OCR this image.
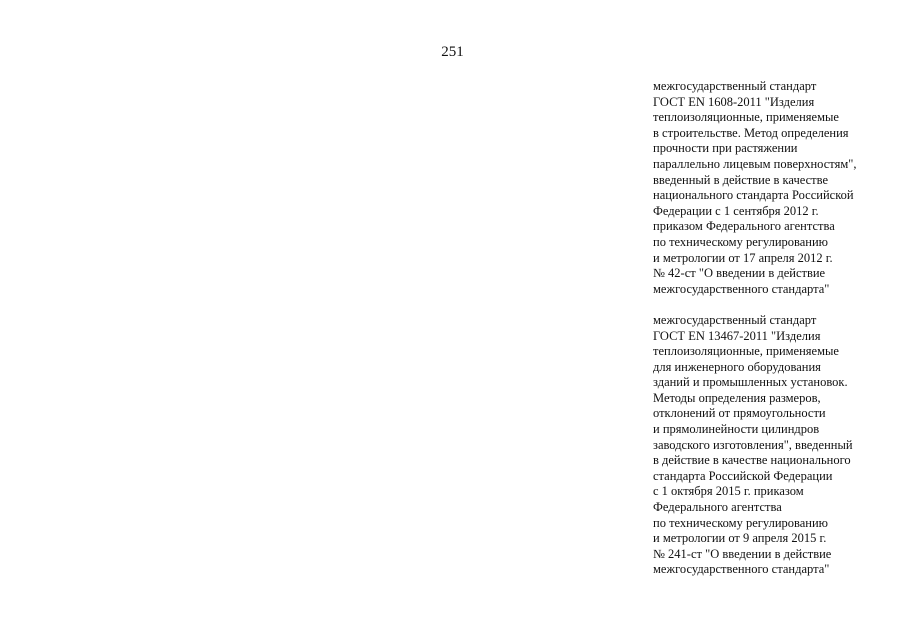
251

межгосударственный стандарт
ГОСТ EN 1608-2011 "Изделия
теплоизоляционные, применяемые
в строительстве. Метод определения
прочности при растяжении
параллельно лицевым поверхностям",
введенный в действие в качестве
национального стандарта Российской
Федерации с 1 сентября 2012 г.
приказом Федерального агентства
по техническому регулированию
и метрологии от 17 апреля 2012 г.
№ 42-ст "О введении в действие
межгосударственного стандарта"

межгосударственный стандарт
ГОСТ EN 13467-2011 "Изделия
теплоизоляционные, применяемые
для инженерного оборудования
зданий и промышленных установок.
Методы определения размеров,
отклонений от прямоугольности
и прямолинейности цилиндров
заводского изготовления", введенный
в действие в качестве национального
стандарта Российской Федерации
с 1 октября 2015 г. приказом
Федерального агентства
по техническому регулированию
и метрологии от 9 апреля 2015 г.
№ 241-ст "О введении в действие
межгосударственного стандарта"
